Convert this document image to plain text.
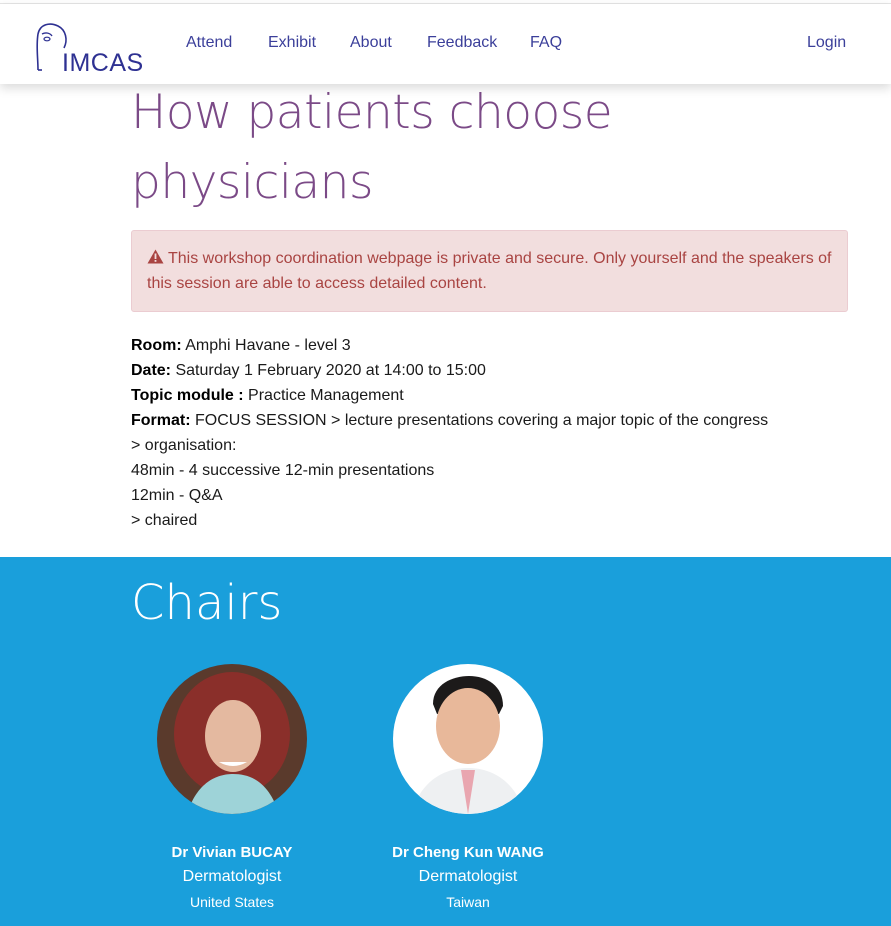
IMCAS
Attend Exhibit About Feedback FAQ	Login
How patients choose physicians

This workshop coordination webpage is private and secure. Only yourself and the speakers of this session are able to access detailed content.
Room: Amphi Havane - level 3
Date: Saturday 1 February 2020 at 14:00 to 15:00
Topic module : Practice Management
Format: FOCUS SESSION > lecture presentations covering a major topic of the congress
> organisation:
48min - 4 successive 12-min presentations
12min - Q&A
> chaired
Chairs
Dr Vivian BUCAY
Dermatologist
United States
Dr Cheng Kun WANG
Dermatologist
Taiwan
